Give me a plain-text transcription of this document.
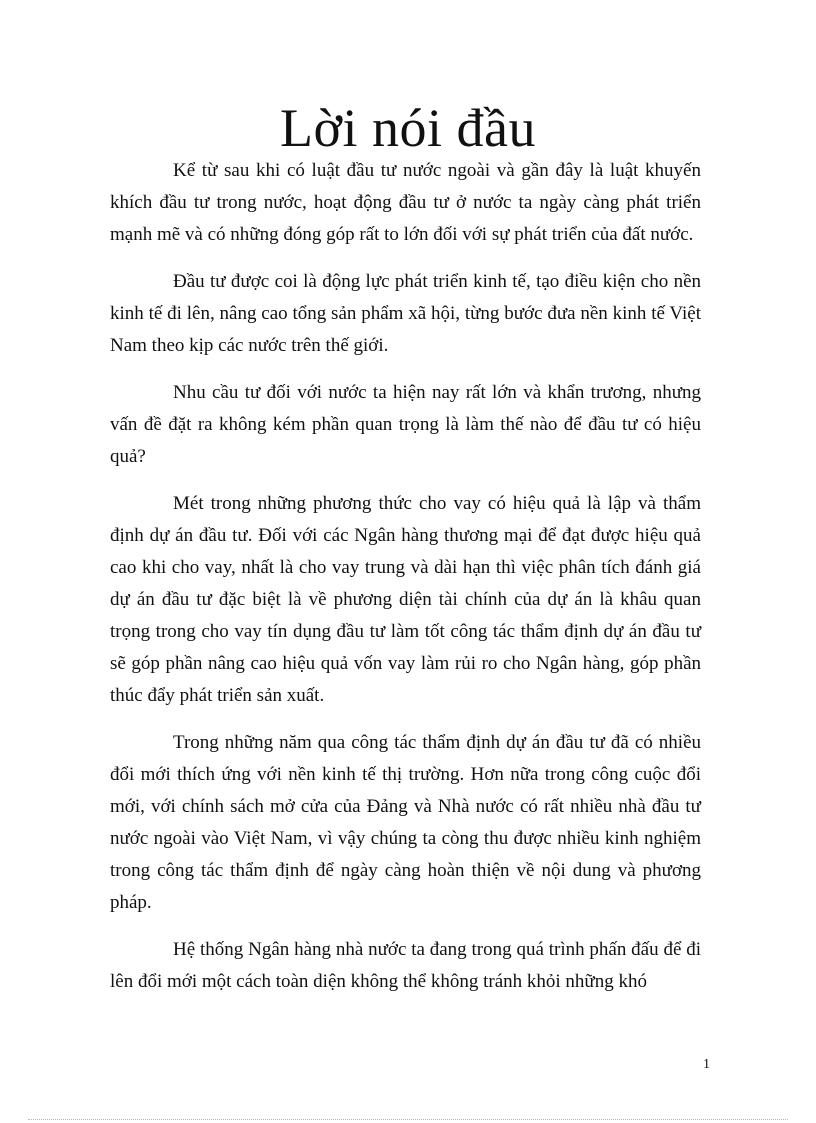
Lời nói đầu

Kể từ sau khi có luật đầu tư nước ngoài và gần đây là luật khuyến khích đầu tư trong nước, hoạt động đầu tư ở nước ta ngày càng phát triển mạnh mẽ và có những đóng góp rất to lớn đối với sự phát triển của đất nước.

Đầu tư được coi là động lực phát triển kinh tế, tạo điều kiện cho nền kinh tế đi lên, nâng cao tổng sản phẩm xã hội, từng bước đưa nền kinh tế Việt Nam theo kịp các nước trên thế giới.

Nhu cầu tư đối với nước ta hiện nay rất lớn và khẩn trương, nhưng vấn đề đặt ra không kém phần quan trọng là làm thế nào để đầu tư có hiệu quả?

Mét trong những phương thức cho vay có hiệu quả là lập và thẩm định dự án đầu tư. Đối với các Ngân hàng thương mại để đạt được hiệu quả cao khi cho vay, nhất là cho vay trung và dài hạn thì việc phân tích đánh giá dự án đầu tư đặc biệt là về phương diện tài chính của dự án là khâu quan trọng trong cho vay tín dụng đầu tư làm tốt công tác thẩm định dự án đầu tư sẽ góp phần nâng cao hiệu quả vốn vay làm rủi ro cho Ngân hàng, góp phần thúc đẩy phát triển sản xuất.

Trong những năm qua công tác thẩm định dự án đầu tư đã có nhiều đổi mới thích ứng với nền kinh tế thị trường. Hơn nữa trong công cuộc đổi mới, với chính sách mở cửa của Đảng và Nhà nước có rất nhiều nhà đầu tư nước ngoài vào Việt Nam, vì vậy chúng ta còng thu được nhiều kinh nghiệm trong công tác thẩm định để ngày càng hoàn thiện về nội dung và phương pháp.

Hệ thống Ngân hàng nhà nước ta đang trong quá trình phấn đấu để đi lên đổi mới một cách toàn diện không thể không tránh khỏi những khó

1
